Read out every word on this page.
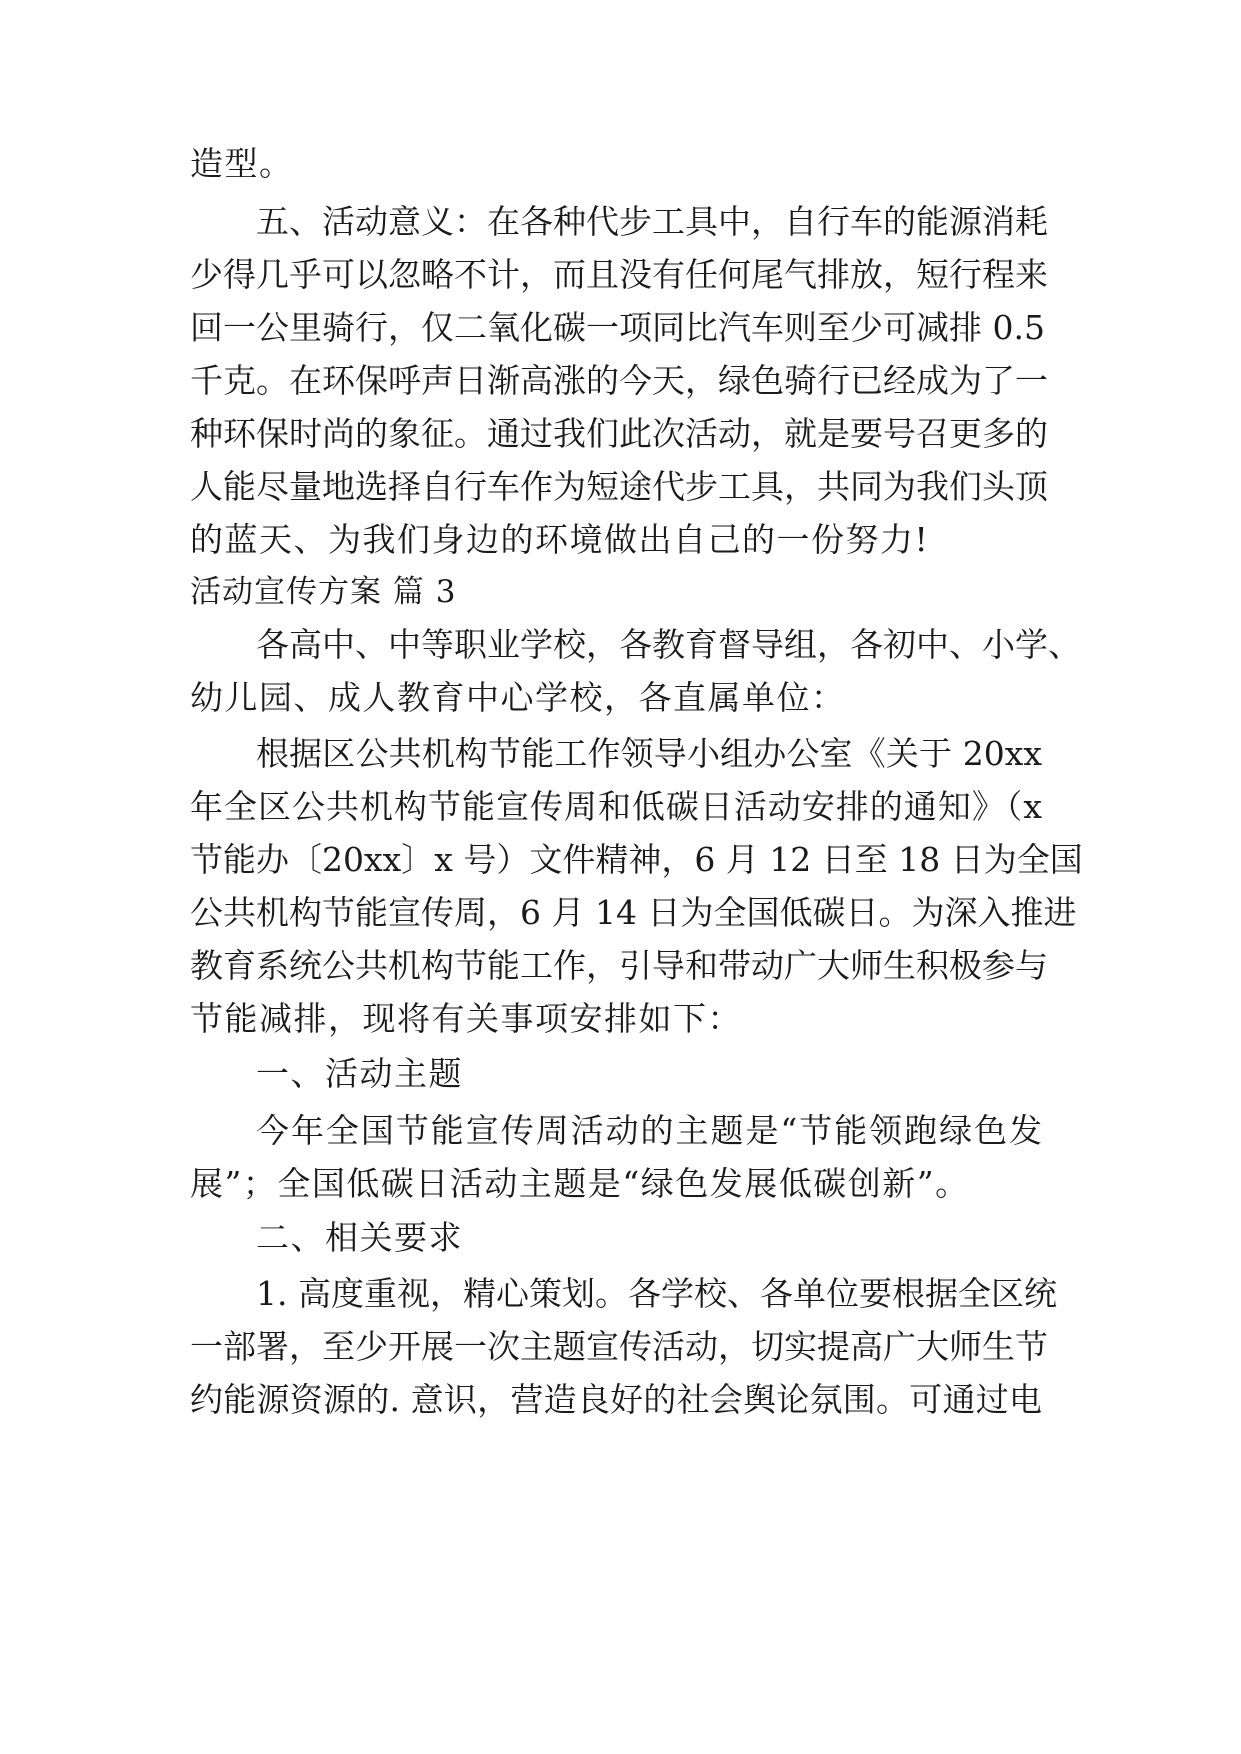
造型。
五、活动意义：在各种代步工具中，自行车的能源消耗
少得几乎可以忽略不计，而且没有任何尾气排放，短行程来
回一公里骑行，仅二氧化碳一项同比汽车则至少可减排 0.5
千克。在环保呼声日渐高涨的今天，绿色骑行已经成为了一
种环保时尚的象征。通过我们此次活动，就是要号召更多的
人能尽量地选择自行车作为短途代步工具，共同为我们头顶
的蓝天、为我们身边的环境做出自己的一份努力!
活动宣传方案 篇 3
各高中、中等职业学校，各教育督导组，各初中、小学、
幼儿园、成人教育中心学校，各直属单位：
根据区公共机构节能工作领导小组办公室《关于 20xx
年全区公共机构节能宣传周和低碳日活动安排的通知》（x
节能办〔20xx〕x 号）文件精神，6 月 12 日至 18 日为全国
公共机构节能宣传周，6 月 14 日为全国低碳日。为深入推进
教育系统公共机构节能工作，引导和带动广大师生积极参与
节能减排，现将有关事项安排如下：
一、活动主题
今年全国节能宣传周活动的主题是“节能领跑绿色发
展”；全国低碳日活动主题是“绿色发展低碳创新”。
二、相关要求
1. 高度重视，精心策划。各学校、各单位要根据全区统
一部署，至少开展一次主题宣传活动，切实提高广大师生节
约能源资源的. 意识，营造良好的社会舆论氛围。可通过电
